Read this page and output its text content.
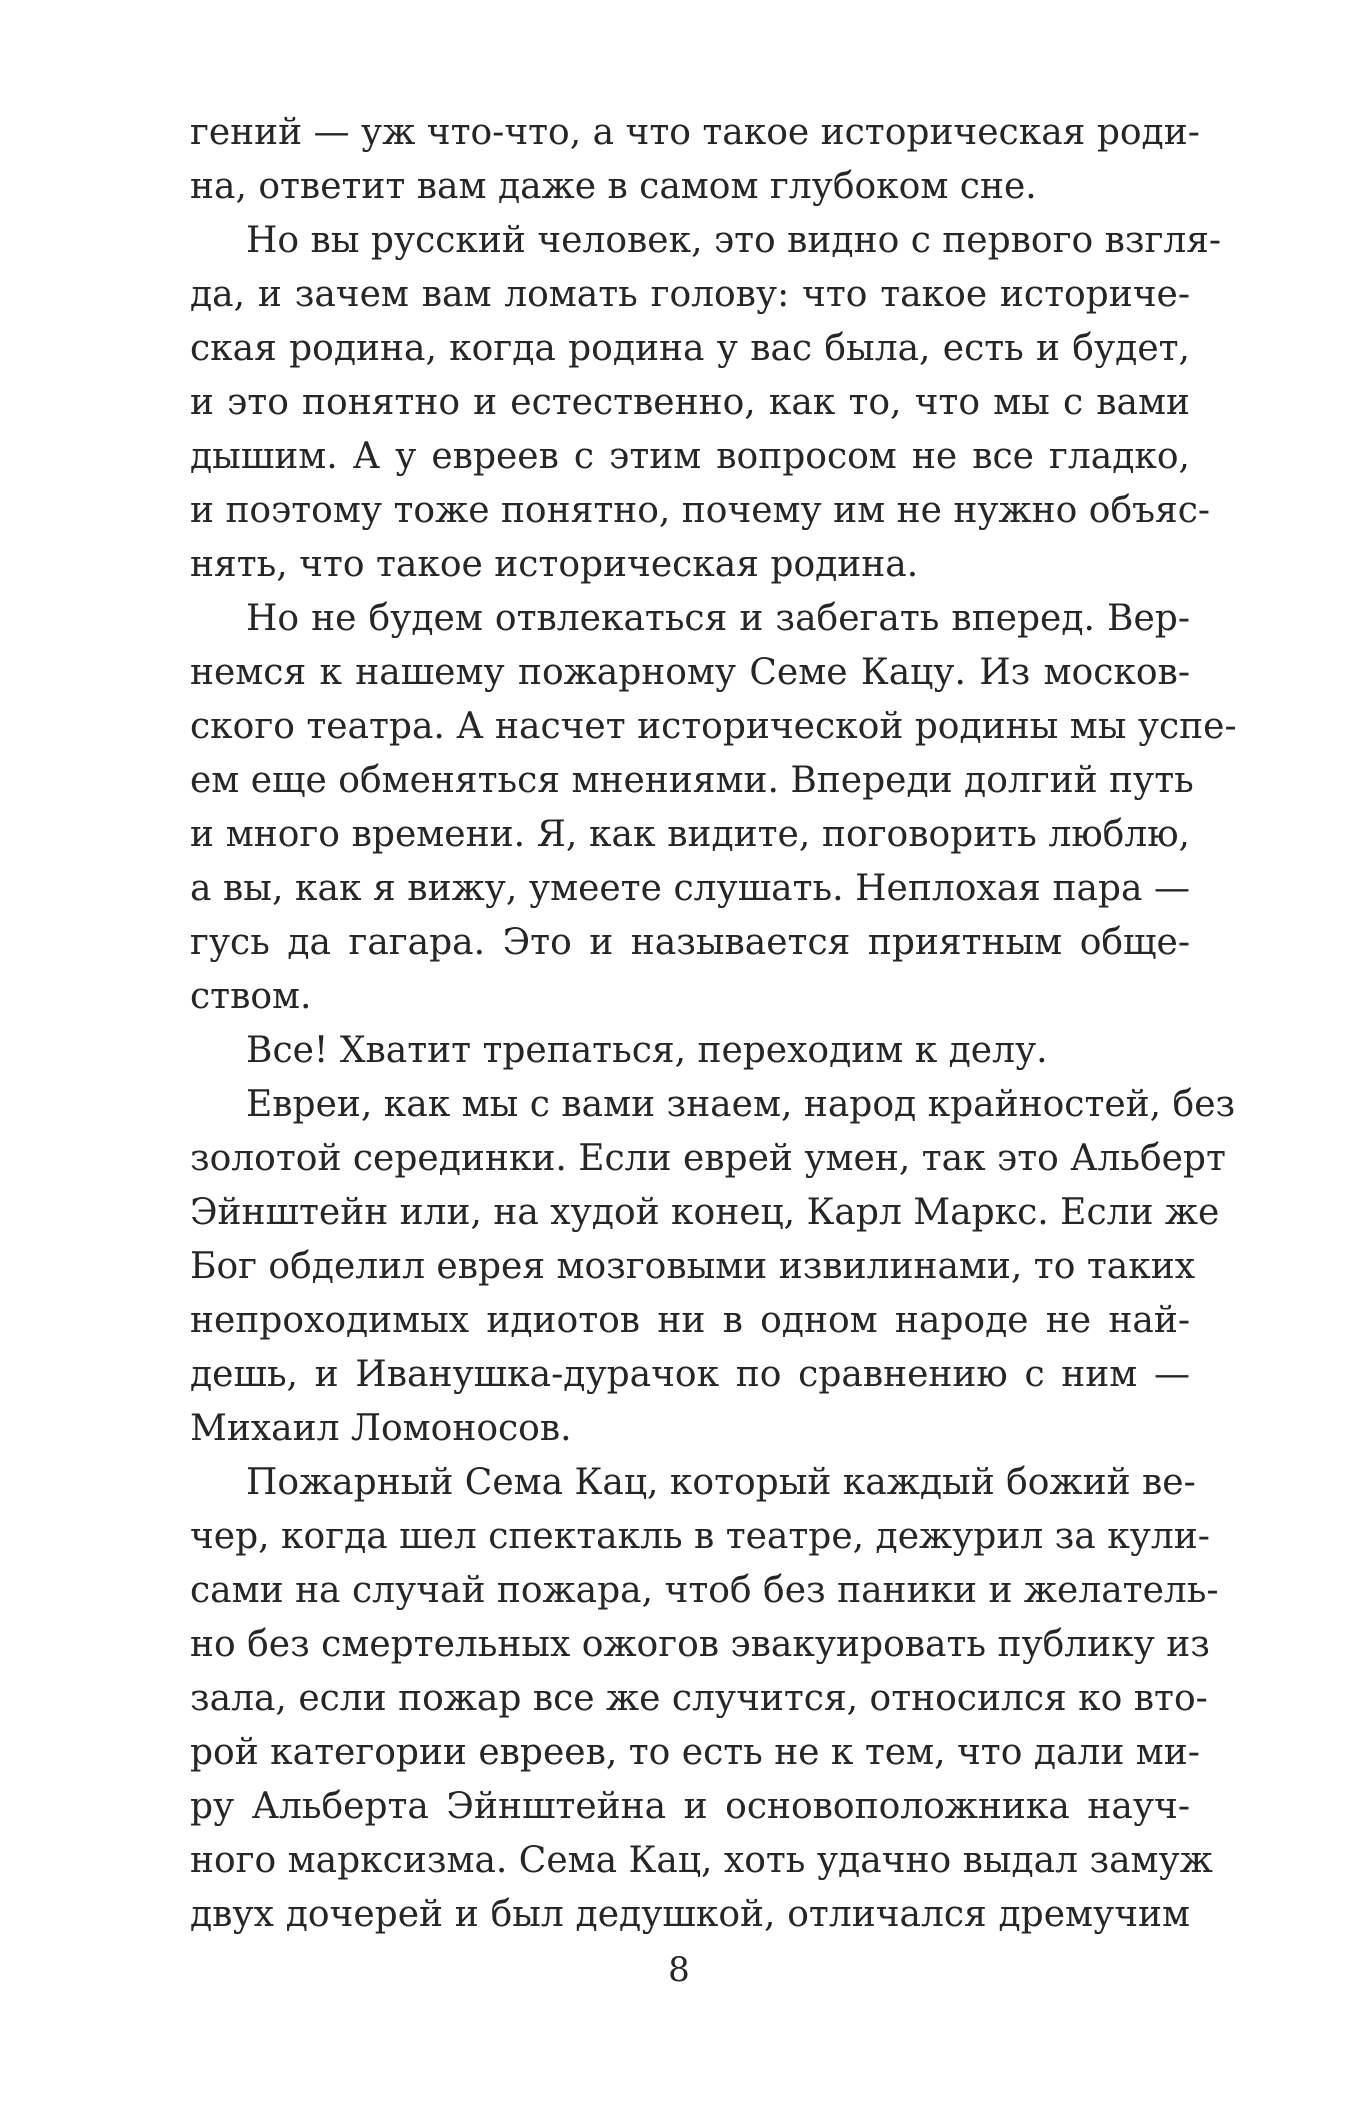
гений — уж что-что, а что такое историческая роди-
на, ответит вам даже в самом глубоком сне.
Но вы русский человек, это видно с первого взгля-
да, и зачем вам ломать голову: что такое историче-
ская родина, когда родина у вас была, есть и будет,
и это понятно и естественно, как то, что мы с вами
дышим. А у евреев с этим вопросом не все гладко,
и поэтому тоже понятно, почему им не нужно объяс-
нять, что такое историческая родина.
Но не будем отвлекаться и забегать вперед. Вер-
немся к нашему пожарному Семе Кацу. Из москов-
ского театра. А насчет исторической родины мы успе-
ем еще обменяться мнениями. Впереди долгий путь
и много времени. Я, как видите, поговорить люблю,
а вы, как я вижу, умеете слушать. Неплохая пара —
гусь да гагара. Это и называется приятным обще-
ством.
Все! Хватит трепаться, переходим к делу.
Евреи, как мы с вами знаем, народ крайностей, без
золотой серединки. Если еврей умен, так это Альберт
Эйнштейн или, на худой конец, Карл Маркс. Если же
Бог обделил еврея мозговыми извилинами, то таких
непроходимых идиотов ни в одном народе не най-
дешь, и Иванушка-дурачок по сравнению с ним —
Михаил Ломоносов.
Пожарный Сема Кац, который каждый божий ве-
чер, когда шел спектакль в театре, дежурил за кули-
сами на случай пожара, чтоб без паники и желатель-
но без смертельных ожогов эвакуировать публику из
зала, если пожар все же случится, относился ко вто-
рой категории евреев, то есть не к тем, что дали ми-
ру Альберта Эйнштейна и основоположника науч-
ного марксизма. Сема Кац, хоть удачно выдал замуж
двух дочерей и был дедушкой, отличался дремучим
8
